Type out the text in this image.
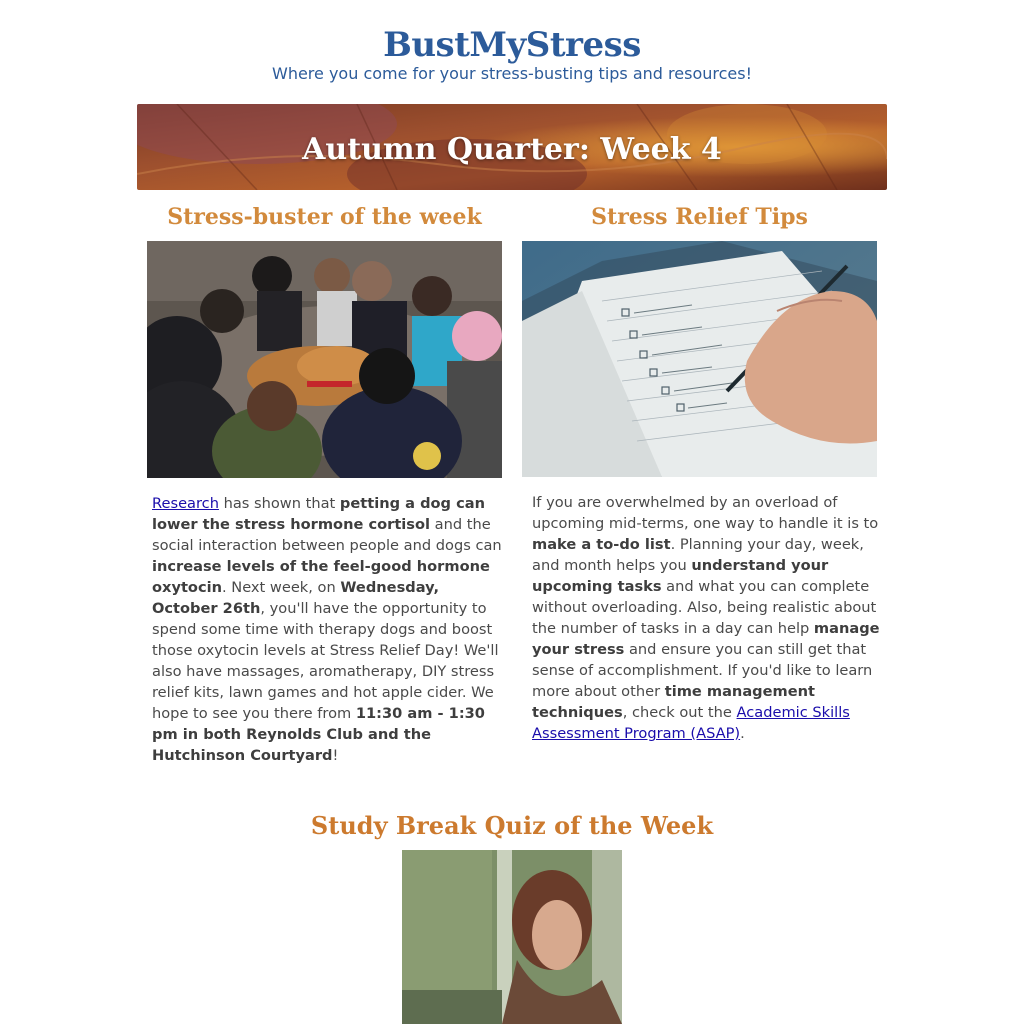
BustMyStress
Where you come for your stress-busting tips and resources!
Autumn Quarter: Week 4
Stress-buster of the week	Stress Relief Tips

Research has shown that petting a dog can lower the stress hormone cortisol and the social interaction between people and dogs can increase levels of the feel-good hormone oxytocin. Next week, on Wednesday, October 26th, you'll have the opportunity to spend some time with therapy dogs and boost those oxytocin levels at Stress Relief Day! We'll also have massages, aromatherapy, DIY stress relief kits, lawn games and hot apple cider. We hope to see you there from 11:30 am - 1:30 pm in both Reynolds Club and the Hutchinson Courtyard!

If you are overwhelmed by an overload of upcoming mid-terms, one way to handle it is to make a to-do list. Planning your day, week, and month helps you understand your upcoming tasks and what you can complete without overloading. Also, being realistic about the number of tasks in a day can help manage your stress and ensure you can still get that sense of accomplishment. If you'd like to learn more about other time management techniques, check out the Academic Skills Assessment Program (ASAP).

Study Break Quiz of the Week
